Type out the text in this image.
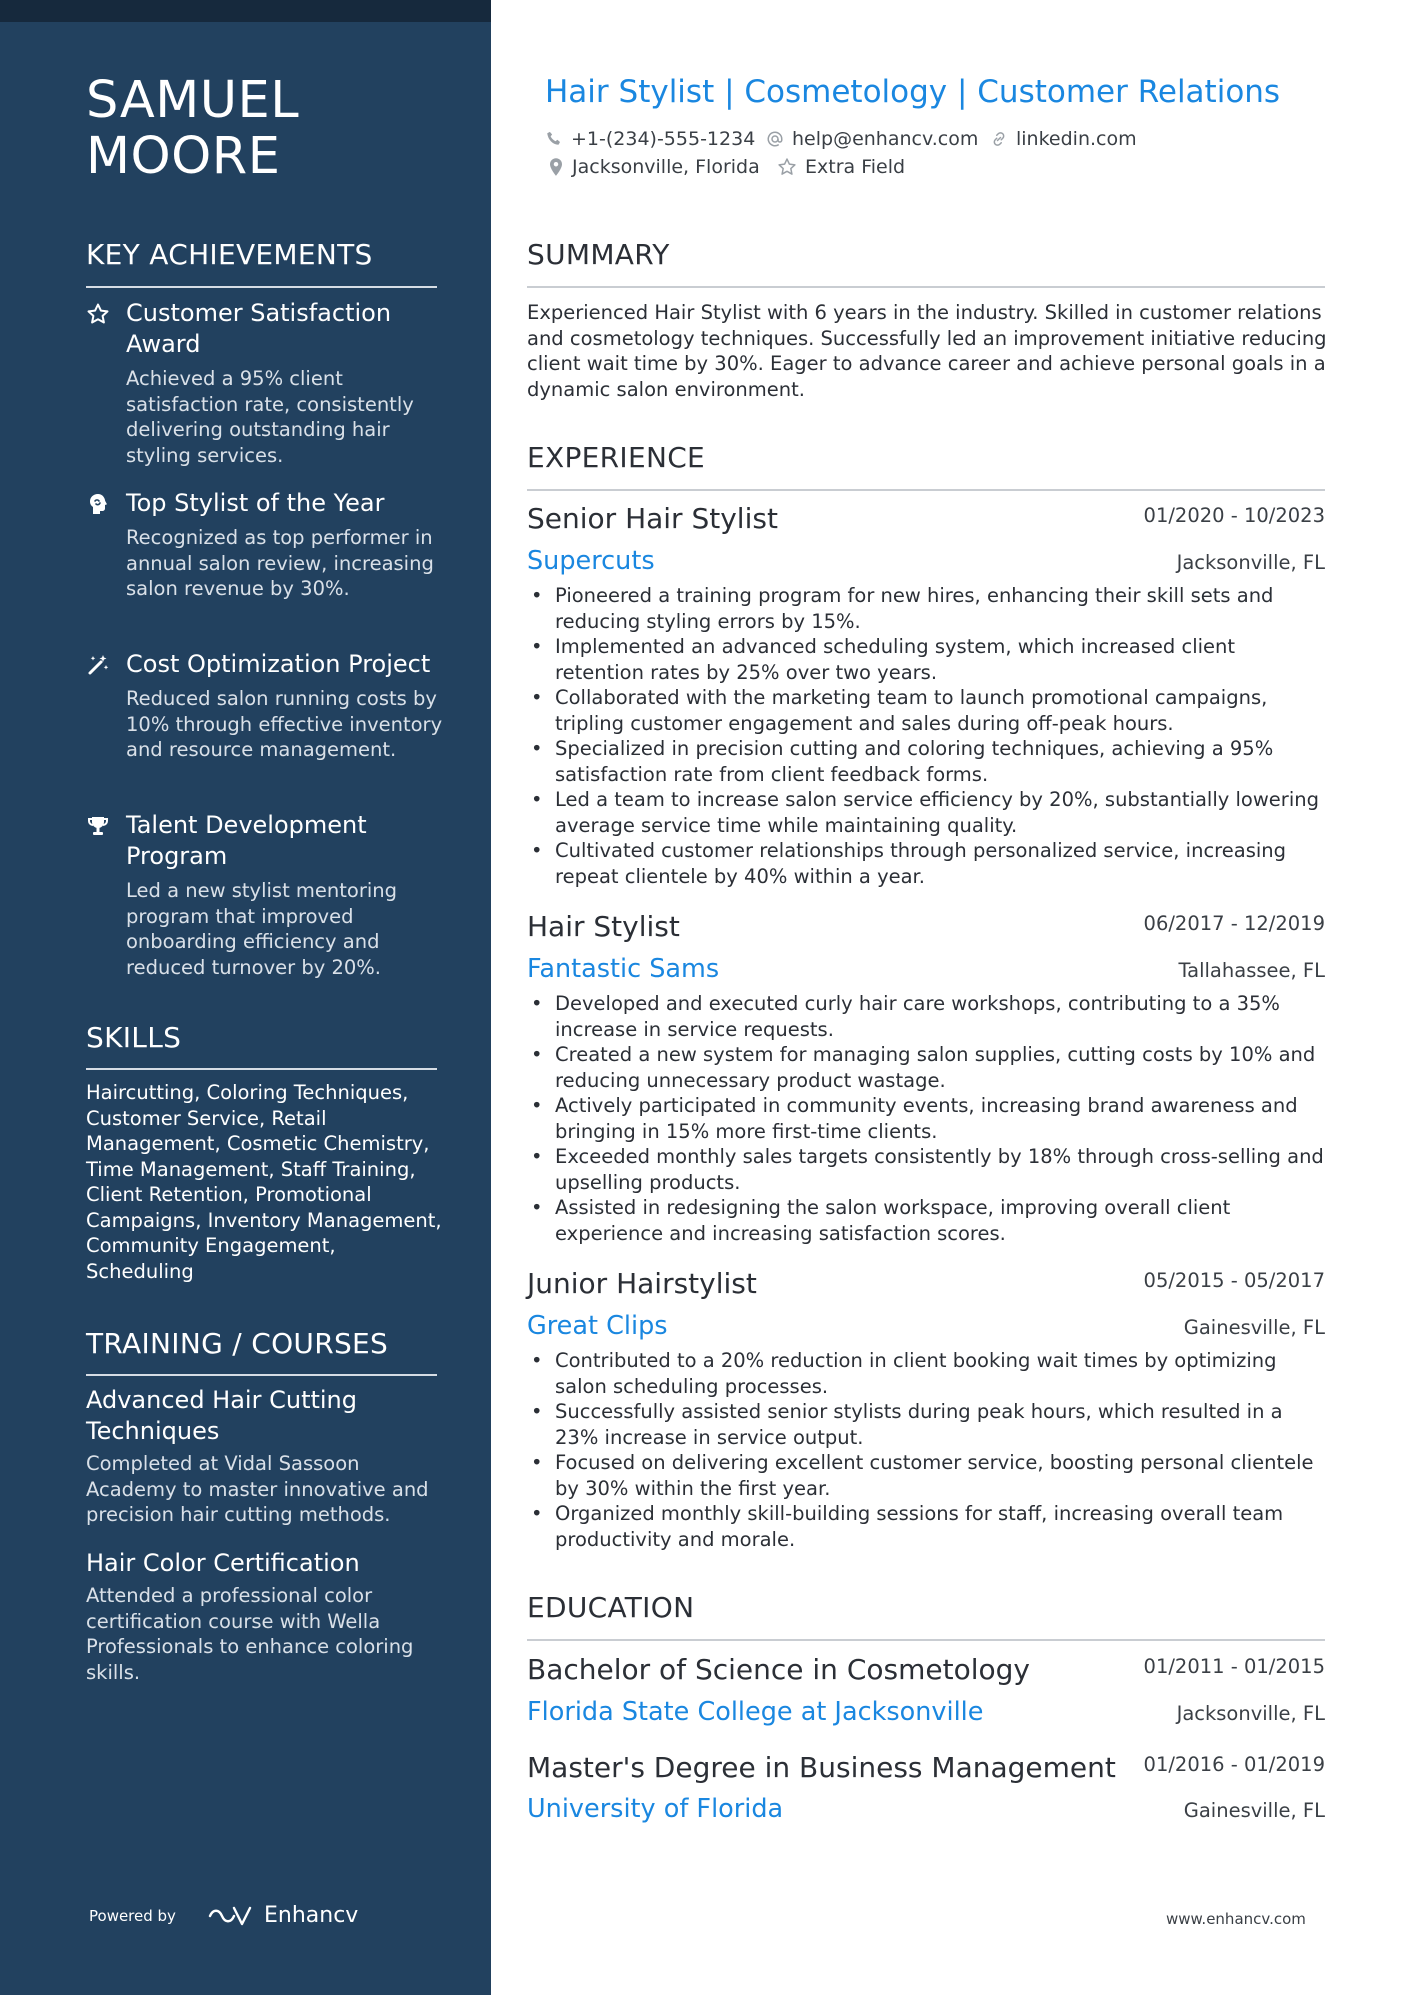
SAMUEL
MOORE
KEY ACHIEVEMENTS
Customer Satisfaction Award
Achieved a 95% client satisfaction rate, consistently delivering outstanding hair styling services.
Top Stylist of the Year
Recognized as top performer in annual salon review, increasing salon revenue by 30%.
Cost Optimization Project
Reduced salon running costs by 10% through effective inventory and resource management.
Talent Development Program
Led a new stylist mentoring program that improved onboarding efficiency and reduced turnover by 20%.
SKILLS
Haircutting, Coloring Techniques, Customer Service, Retail Management, Cosmetic Chemistry, Time Management, Staff Training, Client Retention, Promotional Campaigns, Inventory Management, Community Engagement, Scheduling
TRAINING / COURSES
Advanced Hair Cutting Techniques
Completed at Vidal Sassoon Academy to master innovative and precision hair cutting methods.
Hair Color Certification
Attended a professional color certification course with Wella Professionals to enhance coloring skills.
Powered by	Enhancv
Hair Stylist | Cosmetology | Customer Relations
+1-(234)-555-1234 help@enhancv.com linkedin.com
Jacksonville, Florida Extra Field
SUMMARY
Experienced Hair Stylist with 6 years in the industry. Skilled in customer relations and cosmetology techniques. Successfully led an improvement initiative reducing client wait time by 30%. Eager to advance career and achieve personal goals in a dynamic salon environment.
EXPERIENCE
Senior Hair Stylist	01/2020 - 10/2023
Supercuts	Jacksonville, FL
• Pioneered a training program for new hires, enhancing their skill sets and reducing styling errors by 15%.
• Implemented an advanced scheduling system, which increased client retention rates by 25% over two years.
• Collaborated with the marketing team to launch promotional campaigns, tripling customer engagement and sales during off-peak hours.
• Specialized in precision cutting and coloring techniques, achieving a 95% satisfaction rate from client feedback forms.
• Led a team to increase salon service efficiency by 20%, substantially lowering average service time while maintaining quality.
• Cultivated customer relationships through personalized service, increasing repeat clientele by 40% within a year.
Hair Stylist	06/2017 - 12/2019
Fantastic Sams	Tallahassee, FL
• Developed and executed curly hair care workshops, contributing to a 35% increase in service requests.
• Created a new system for managing salon supplies, cutting costs by 10% and reducing unnecessary product wastage.
• Actively participated in community events, increasing brand awareness and bringing in 15% more first-time clients.
• Exceeded monthly sales targets consistently by 18% through cross-selling and upselling products.
• Assisted in redesigning the salon workspace, improving overall client experience and increasing satisfaction scores.
Junior Hairstylist	05/2015 - 05/2017
Great Clips	Gainesville, FL
• Contributed to a 20% reduction in client booking wait times by optimizing salon scheduling processes.
• Successfully assisted senior stylists during peak hours, which resulted in a 23% increase in service output.
• Focused on delivering excellent customer service, boosting personal clientele by 30% within the first year.
• Organized monthly skill-building sessions for staff, increasing overall team productivity and morale.
EDUCATION
Bachelor of Science in Cosmetology	01/2011 - 01/2015
Florida State College at Jacksonville	Jacksonville, FL
Master's Degree in Business Management	01/2016 - 01/2019
University of Florida	Gainesville, FL
www.enhancv.com
